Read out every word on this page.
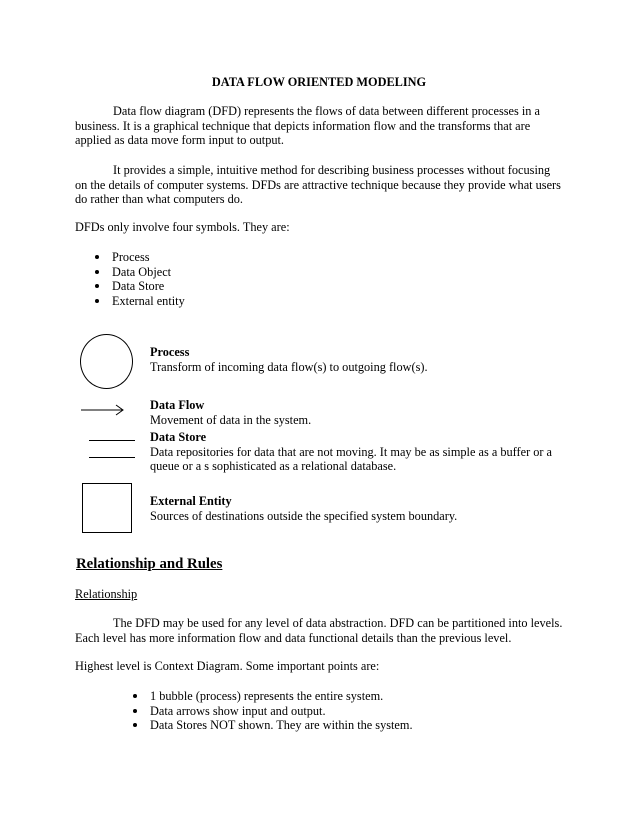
DATA FLOW ORIENTED MODELING
Data flow diagram (DFD) represents the flows of data between different processes in a business. It is a graphical technique that depicts information flow and the transforms that are applied as data move form input to output.
It provides a simple, intuitive method for describing business processes without focusing on the details of computer systems. DFDs are attractive technique because they provide what users do rather than what computers do.
DFDs only involve four symbols. They are:
Process
Data Object
Data Store
External entity
Process
Transform of incoming data flow(s) to outgoing flow(s).
Data Flow
Movement of data in the system.
Data Store
Data repositories for data that are not moving. It may be as simple as a buffer or a queue or a s sophisticated as a relational database.
External Entity
Sources of destinations outside the specified system boundary.
Relationship and Rules
Relationship
The DFD may be used for any level of data abstraction. DFD can be partitioned into levels. Each level has more information flow and data functional details than the previous level.
Highest level is Context Diagram. Some important points are:
1 bubble (process) represents the entire system.
Data arrows show input and output.
Data Stores NOT shown. They are within the system.
